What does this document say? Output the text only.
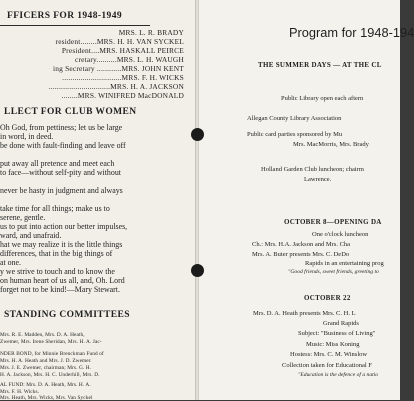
FFICERS FOR 1948-1949
MRS. L. R. BRADY
resident........MRS. H. H. VAN SYCKEL
President....MRS. HASKALL PEIRCE
cretary..........MRS. L. H. WAUGH
ing Secretary ............MRS. JOHN KENT
.............................MRS. F. H. WICKS
..............................MRS. H. A. JACKSON
........MRS. WINIFRED MacDONALD
LLECT FOR CLUB WOMEN
Oh God, from pettiness; let us be large
in word, in deed.
be done with fault-finding and leave off
put away all pretence and meet each
to face—without self-pity and without
never be hasty in judgment and always
take time for all things; make us to
serene, gentle.
us to put into action our better impulses,
ward, and unafraid.
hat we may realize it is the little things
differences, that in the big things of
at one.
y we strive to touch and to know the
on human heart of us all, and, Oh. Lord
forget not to be kind!—Mary Stewart.
STANDING COMMITTEES
Mrs. R. E. Madden, Mrs. D. A. Heath,
Zwemer, Mrs. Irene Sheridan, Mrs. H. A. Jac-
NDER BOND, for Minnie Brenckman Fund of
Mrs. H. A. Heath and Mrs. J. D. Zwemer.
Mrs. J. E. Zwemer, chairman; Mrs. G. H.
H. A. Jackson, Mrs. H. C. Underhill, Mrs. D.
AL FUND: Mrs. D. A. Heath, Mrs. H. A.
Mrs. F. H. Wicks.
Mrs. Heath, Mrs. Wicks, Mrs. Van Syckel
Program for 1948-194
THE SUMMER DAYS — AT THE CL
Public Library open each aftern
Allegan County Library Association
Public card parties sponsored by Mu
Mrs. MacMorris, Mrs. Brady
Holland Garden Club luncheon; chairm
Lawrence.
OCTOBER 8—OPENING DA
One o'clock luncheon
Ch.: Mrs. H.A. Jackson and Mrs. Cha
Mrs. A. Buter presents Mrs. C. DeDo
Rapids in an entertaining prog
"Good friends, sweet friends, greeting to
OCTOBER 22
Mrs. D. A. Heath presents Mrs. C. H. L
Grand Rapids
Subject: "Business of Living"
Music: Miss Koning
Hostess: Mrs. C. M. Winslow
Collection taken for Educational F
"Education is the defence of a natio
